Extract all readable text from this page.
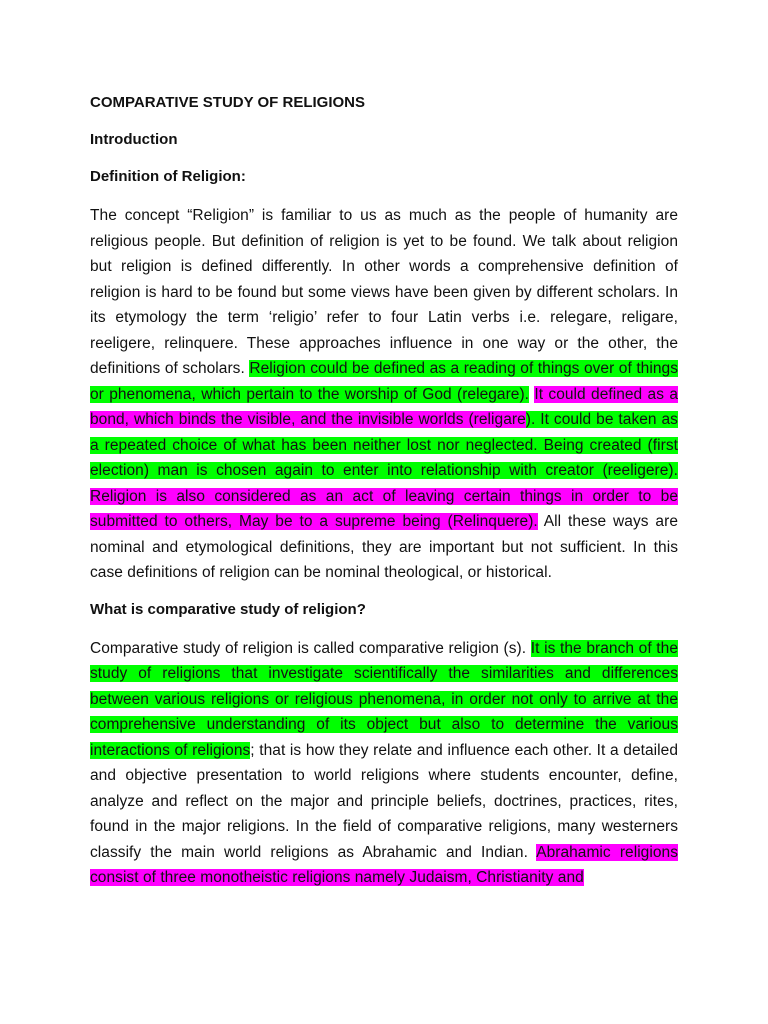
COMPARATIVE STUDY OF RELIGIONS
Introduction
Definition of Religion:

The concept “Religion” is familiar to us as much as the people of humanity are religious people. But definition of religion is yet to be found. We talk about religion but religion is defined differently. In other words a comprehensive definition of religion is hard to be found but some views have been given by different scholars. In its etymology the term ‘religio’ refer to four Latin verbs i.e. relegare, religare, reeligere, relinquere. These approaches influence in one way or the other, the definitions of scholars. Religion could be defined as a reading of things over of things or phenomena, which pertain to the worship of God (relegare). It could defined as a bond, which binds the visible, and the invisible worlds (religare). It could be taken as a repeated choice of what has been neither lost nor neglected. Being created (first election) man is chosen again to enter into relationship with creator (reeligere). Religion is also considered as an act of leaving certain things in order to be submitted to others, May be to a supreme being (Relinquere). All these ways are nominal and etymological definitions, they are important but not sufficient. In this case definitions of religion can be nominal theological, or historical.

What is comparative study of religion?

Comparative study of religion is called comparative religion (s). It is the branch of the study of religions that investigate scientifically the similarities and differences between various religions or religious phenomena, in order not only to arrive at the comprehensive understanding of its object but also to determine the various interactions of religions; that is how they relate and influence each other. It a detailed and objective presentation to world religions where students encounter, define, analyze and reflect on the major and principle beliefs, doctrines, practices, rites, found in the major religions. In the field of comparative religions, many westerners classify the main world religions as Abrahamic and Indian. Abrahamic religions consist of three monotheistic religions namely Judaism, Christianity and
